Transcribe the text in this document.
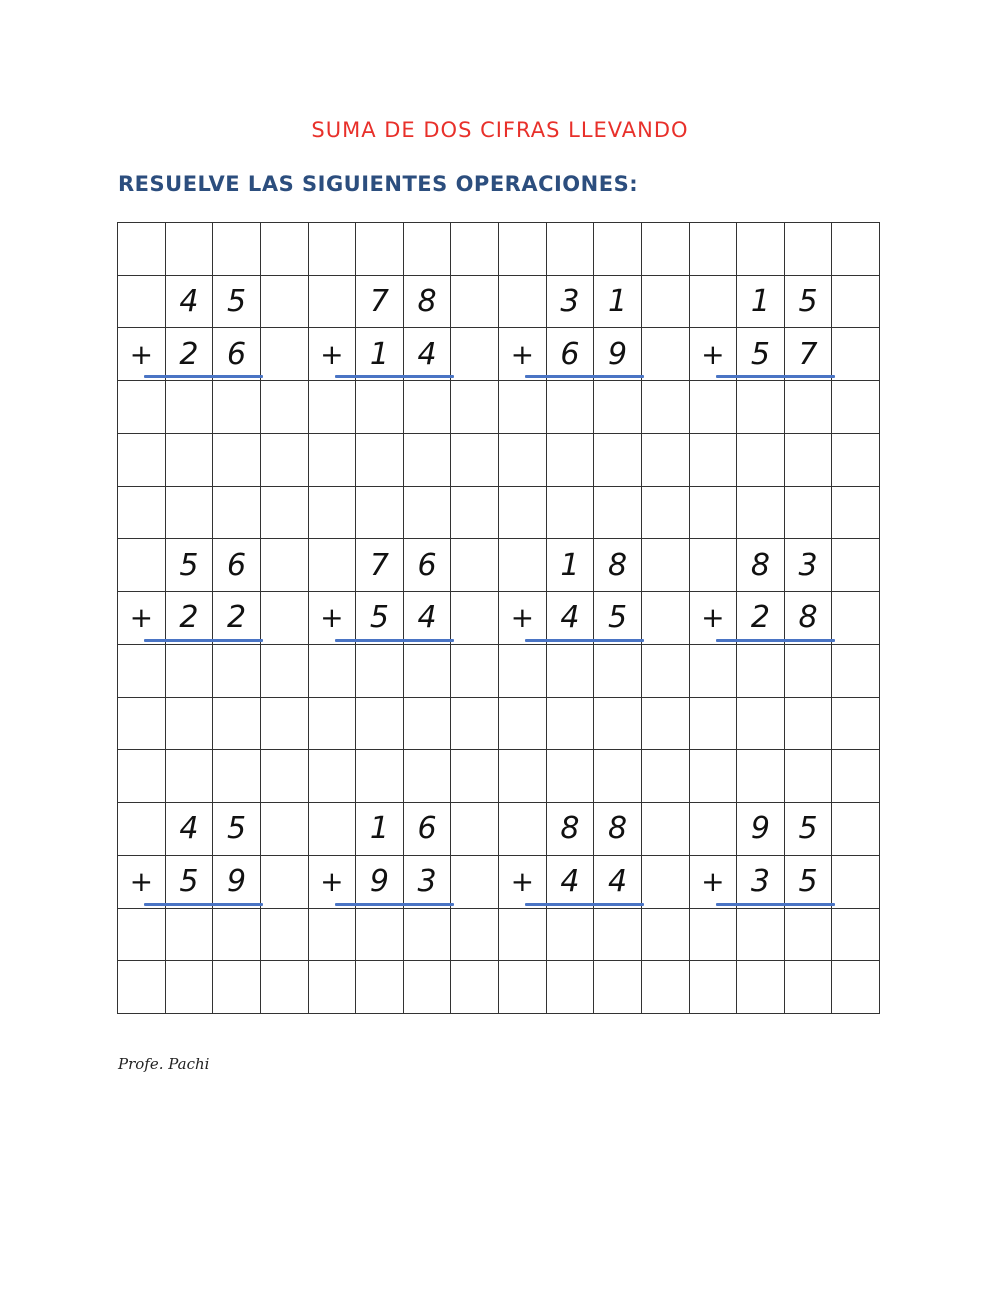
SUMA DE DOS CIFRAS LLEVANDO
RESUELVE LAS SIGUIENTES OPERACIONES:
4 5	7 8	3 1	1 5
+ 2 6	+ 1 4	+ 6 9	+ 5 7
5 6	7 6	1 8	8 3
+ 2 2	+ 5 4	+ 4 5	+ 2 8
4 5	1 6	8 8	9 5
+ 5 9	+ 9 3	+ 4 4	+ 3 5
Profe. Pachi
